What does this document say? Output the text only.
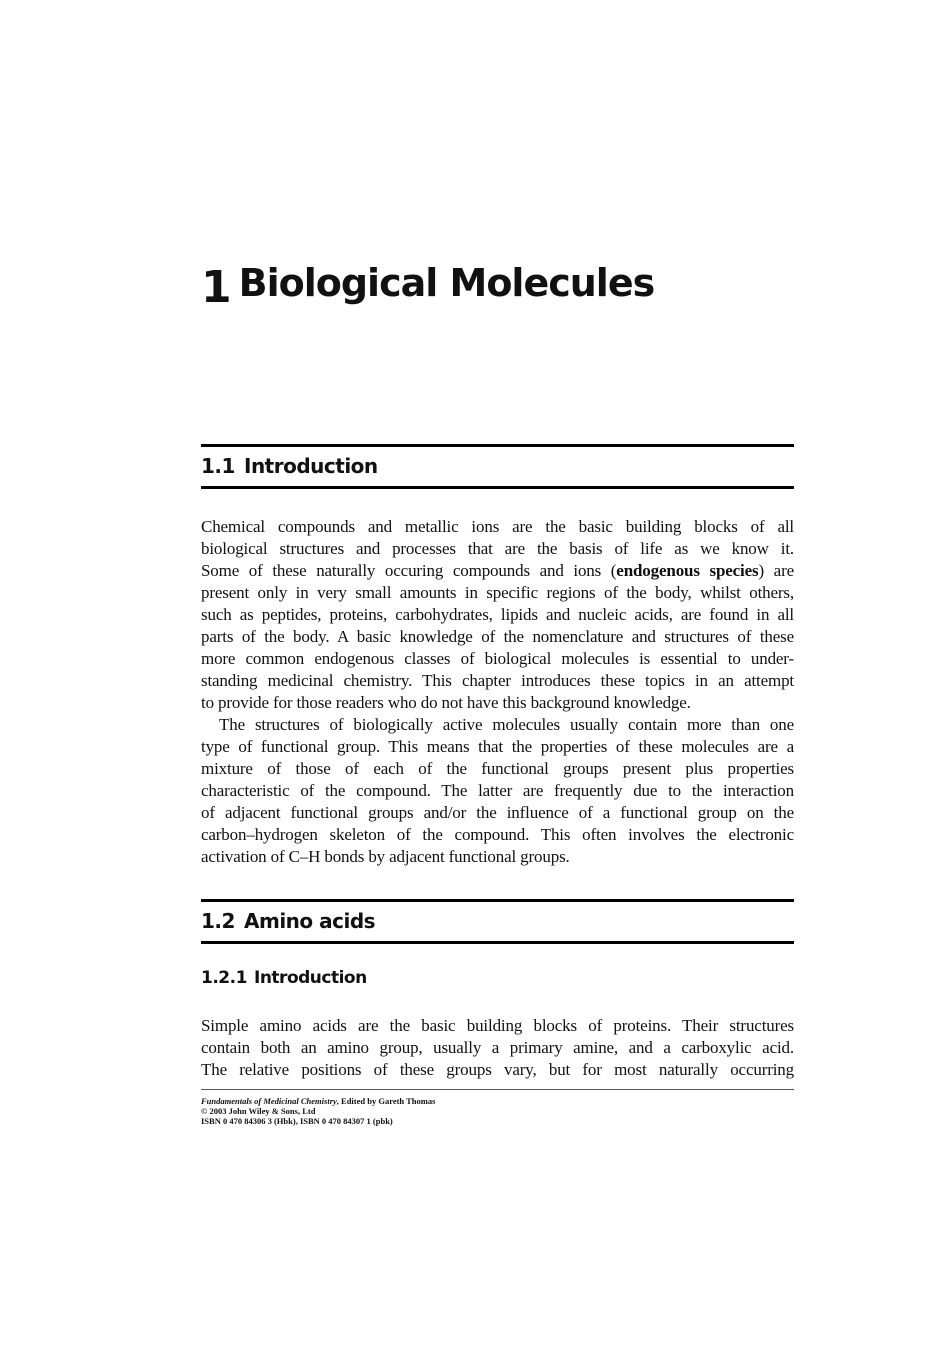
1 Biological Molecules
1.1 Introduction
Chemical compounds and metallic ions are the basic building blocks of all
biological structures and processes that are the basis of life as we know it.
Some of these naturally occuring compounds and ions (endogenous species) are
present only in very small amounts in specific regions of the body, whilst others,
such as peptides, proteins, carbohydrates, lipids and nucleic acids, are found in all
parts of the body. A basic knowledge of the nomenclature and structures of these
more common endogenous classes of biological molecules is essential to under-
standing medicinal chemistry. This chapter introduces these topics in an attempt
to provide for those readers who do not have this background knowledge.
The structures of biologically active molecules usually contain more than one
type of functional group. This means that the properties of these molecules are a
mixture of those of each of the functional groups present plus properties
characteristic of the compound. The latter are frequently due to the interaction
of adjacent functional groups and/or the influence of a functional group on the
carbon–hydrogen skeleton of the compound. This often involves the electronic
activation of C–H bonds by adjacent functional groups.
1.2 Amino acids
1.2.1 Introduction
Simple amino acids are the basic building blocks of proteins. Their structures
contain both an amino group, usually a primary amine, and a carboxylic acid.
The relative positions of these groups vary, but for most naturally occurring
Fundamentals of Medicinal Chemistry, Edited by Gareth Thomas
© 2003 John Wiley & Sons, Ltd
ISBN 0 470 84306 3 (Hbk), ISBN 0 470 84307 1 (pbk)
